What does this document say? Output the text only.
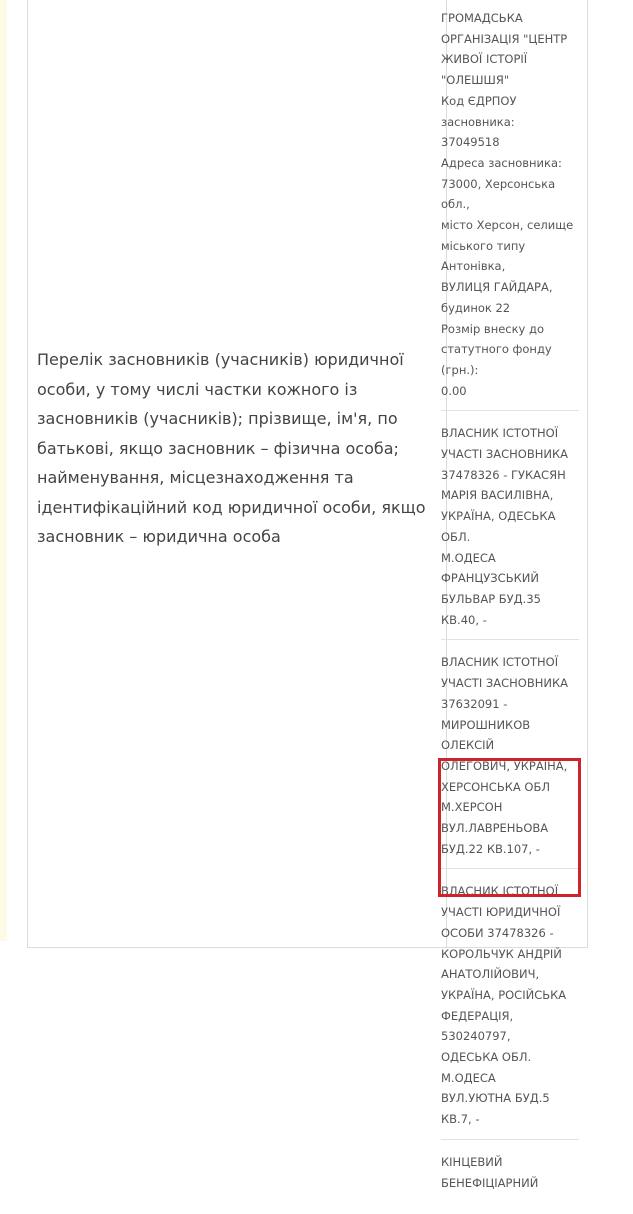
Перелік засновників (учасників) юридичної особи, у тому числі частки кожного із засновників (учасників); прізвище, ім'я, по батькові, якщо засновник – фізична особа; найменування, місцезнаходження та ідентифікаційний код юридичної особи, якщо засновник – юридична особа
ГРОМАДСЬКА
ОРГАНІЗАЦІЯ "ЦЕНТР
ЖИВОЇ ІСТОРІЇ
"ОЛЕШШЯ"
Код ЄДРПОУ засновника:
37049518
Адреса засновника:
73000, Херсонська обл.,
місто Херсон, селище
міського типу Антонівка,
ВУЛИЦЯ ГАЙДАРА,
будинок 22
Розмір внеску до
статутного фонду (грн.):
0.00
ВЛАСНИК ІСТОТНОЇ
УЧАСТІ ЗАСНОВНИКА
37478326 - ГУКАСЯН
МАРІЯ ВАСИЛІВНА,
УКРАЇНА, ОДЕСЬКА ОБЛ.
М.ОДЕСА
ФРАНЦУЗСЬКИЙ
БУЛЬВАР БУД.35 КВ.40, -
ВЛАСНИК ІСТОТНОЇ
УЧАСТІ ЗАСНОВНИКА
37632091 -
МИРОШНИКОВ ОЛЕКСІЙ
ОЛЕГОВИЧ, УКРАЇНА,
ХЕРСОНСЬКА ОБЛ
М.ХЕРСОН
ВУЛ.ЛАВРЕНЬОВА
БУД.22 КВ.107, -
ВЛАСНИК ІСТОТНОЇ
УЧАСТІ ЮРИДИЧНОЇ
ОСОБИ 37478326 -
КОРОЛЬЧУК АНДРІЙ
АНАТОЛІЙОВИЧ,
УКРАЇНА, РОСІЙСЬКА
ФЕДЕРАЦІЯ, 530240797,
ОДЕСЬКА ОБЛ. М.ОДЕСА
ВУЛ.УЮТНА БУД.5 КВ.7, -
КІНЦЕВИЙ
БЕНЕФІЦІАРНИЙ
